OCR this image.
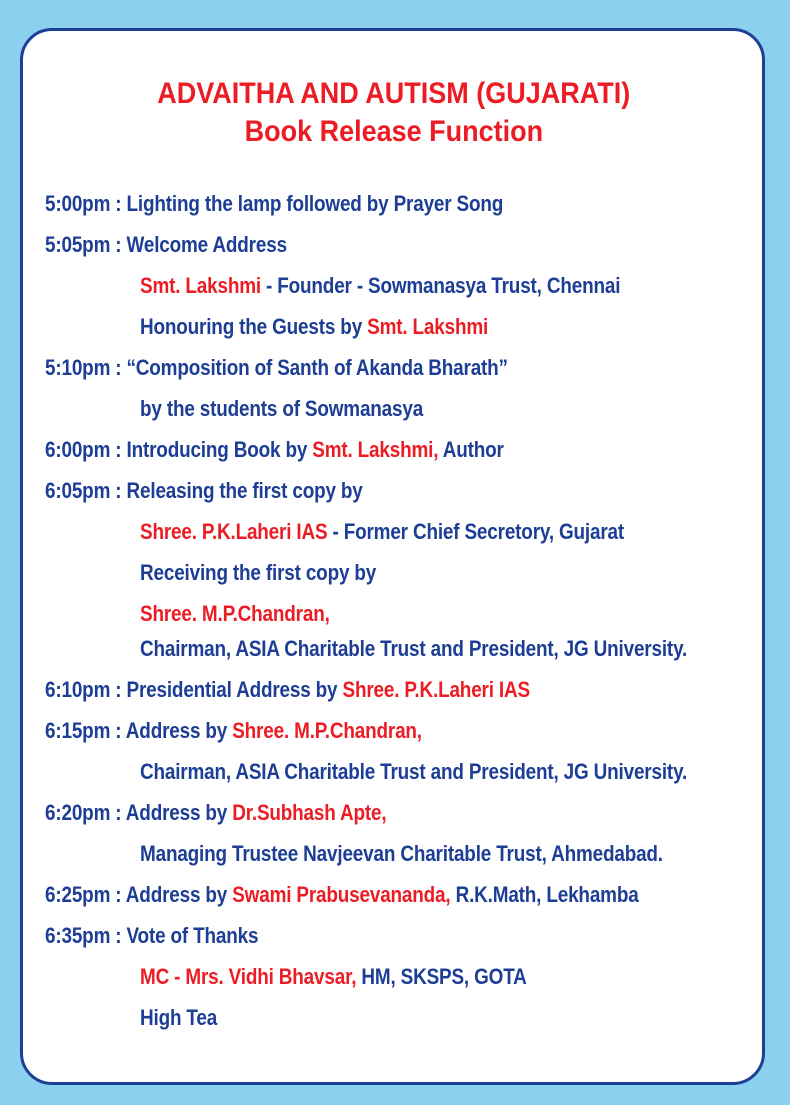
ADVAITHA AND AUTISM (GUJARATI)
Book Release Function
5:00pm : Lighting the lamp followed by Prayer Song
5:05pm : Welcome Address
Smt. Lakshmi - Founder - Sowmanasya Trust, Chennai
Honouring the Guests by Smt. Lakshmi
5:10pm : “Composition of Santh of Akanda Bharath”
by the students of Sowmanasya
6:00pm : Introducing Book by Smt. Lakshmi, Author
6:05pm : Releasing the first copy by
Shree. P.K.Laheri IAS - Former Chief Secretory, Gujarat
Receiving the first copy by
Shree. M.P.Chandran,
Chairman, ASIA Charitable Trust and President, JG University.
6:10pm : Presidential Address by Shree. P.K.Laheri IAS
6:15pm : Address by Shree. M.P.Chandran,
Chairman, ASIA Charitable Trust and President, JG University.
6:20pm : Address by Dr.Subhash Apte,
Managing Trustee Navjeevan Charitable Trust, Ahmedabad.
6:25pm : Address by Swami Prabusevananda, R.K.Math, Lekhamba
6:35pm : Vote of Thanks
MC - Mrs. Vidhi Bhavsar, HM, SKSPS, GOTA
High Tea
